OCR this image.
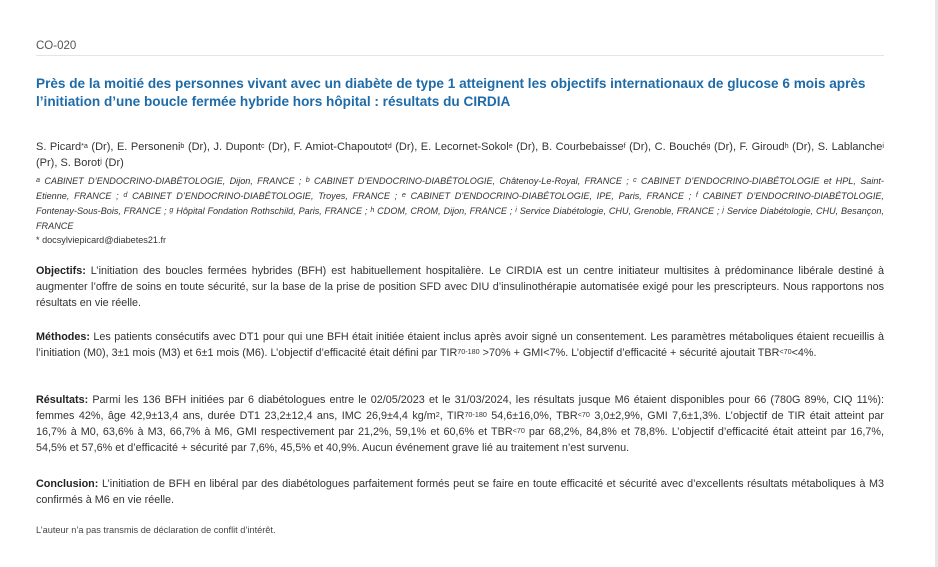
CO-020
Près de la moitié des personnes vivant avec un diabète de type 1 atteignent les objectifs internationaux de glucose 6 mois après l’initiation d’une boucle fermée hybride hors hôpital : résultats du CIRDIA
S. Picard$^{*a}$ (Dr), E. Personeni$^b$ (Dr), J. Dupont$^c$ (Dr), F. Amiot-Chapoutot$^d$ (Dr), E. Lecornet-Sokol$^e$ (Dr), B. Courbebaisse$^f$ (Dr), C. Bouché$^g$ (Dr), F. Giroud$^h$ (Dr), S. Lablanche$^i$ (Pr), S. Borot$^j$ (Dr)
$^a$ CABINET D’ENDOCRINO-DIABÉTOLOGIE, Dijon, FRANCE ; $^b$ CABINET D’ENDOCRINO-DIABÉTOLOGIE, Châtenoy-Le-Royal, FRANCE ; $^c$ CABINET D’ENDOCRINO-DIABÉTOLOGIE et HPL, Saint-Etienne, FRANCE ; $^d$ CABINET D’ENDOCRINO-DIABÉTOLOGIE, Troyes, FRANCE ; $^e$ CABINET D’ENDOCRINO-DIABÉTOLOGIE, IPE, Paris, FRANCE ; $^f$ CABINET D’ENDOCRINO-DIABÉTOLOGIE, Fontenay-Sous-Bois, FRANCE ; $^g$ Hôpital Fondation Rothschild, Paris, FRANCE ; $^h$ CDOM, CROM, Dijon, FRANCE ; $^i$ Service Diabétologie, CHU, Grenoble, FRANCE ; $^j$ Service Diabétologie, CHU, Besançon, FRANCE
* docsylviepicard@diabetes21.fr
Objectifs: L’initiation des boucles fermées hybrides (BFH) est habituellement hospitalière. Le CIRDIA est un centre initiateur multisites à prédominance libérale destiné à augmenter l’offre de soins en toute sécurité, sur la base de la prise de position SFD avec DIU d’insulinothérapie automatisée exigé pour les prescripteurs. Nous rapportons nos résultats en vie réelle.
Méthodes: Les patients consécutifs avec DT1 pour qui une BFH était initiée étaient inclus après avoir signé un consentement. Les paramètres métaboliques étaient recueillis à l’initiation (M0), 3±1 mois (M3) et 6±1 mois (M6). L’objectif d’efficacité était défini par $TIR^{70-180} >70\% + GMI<7\%$. L’objectif d’efficacité + sécurité ajoutait $TBR^{<70}<4\%$.
Résultats: Parmi les 136 BFH initiées par 6 diabétologues entre le 02/05/2023 et le 31/03/2024, les résultats jusque M6 étaient disponibles pour 66 (780G 89%, CIQ 11%): femmes 42%, âge 42,9±13,4 ans, durée DT1 23,2±12,4 ans, IMC 26,9±4,4 $kg/m^2$, TIR$^{70-180}$ 54,6±16,0%, $TBR^{<70}$ 3,0±2,9%, GMI 7,6±1,3%. L’objectif de TIR était atteint par 16,7% à M0, 63,6% à M3, 66,7% à M6, GMI respectivement par 21,2%, 59,1% et 60,6% et $TBR^{<70}$ par 68,2%, 84,8% et 78,8%. L’objectif d’efficacité était atteint par 16,7%, 54,5% et 57,6% et d’efficacité + sécurité par 7,6%, 45,5% et 40,9%. Aucun événement grave lié au traitement n’est survenu.
Conclusion: L’initiation de BFH en libéral par des diabétologues parfaitement formés peut se faire en toute efficacité et sécurité avec d’excellents résultats métaboliques à M3 confirmés à M6 en vie réelle.
L’auteur n’a pas transmis de déclaration de conflit d’intérêt.
